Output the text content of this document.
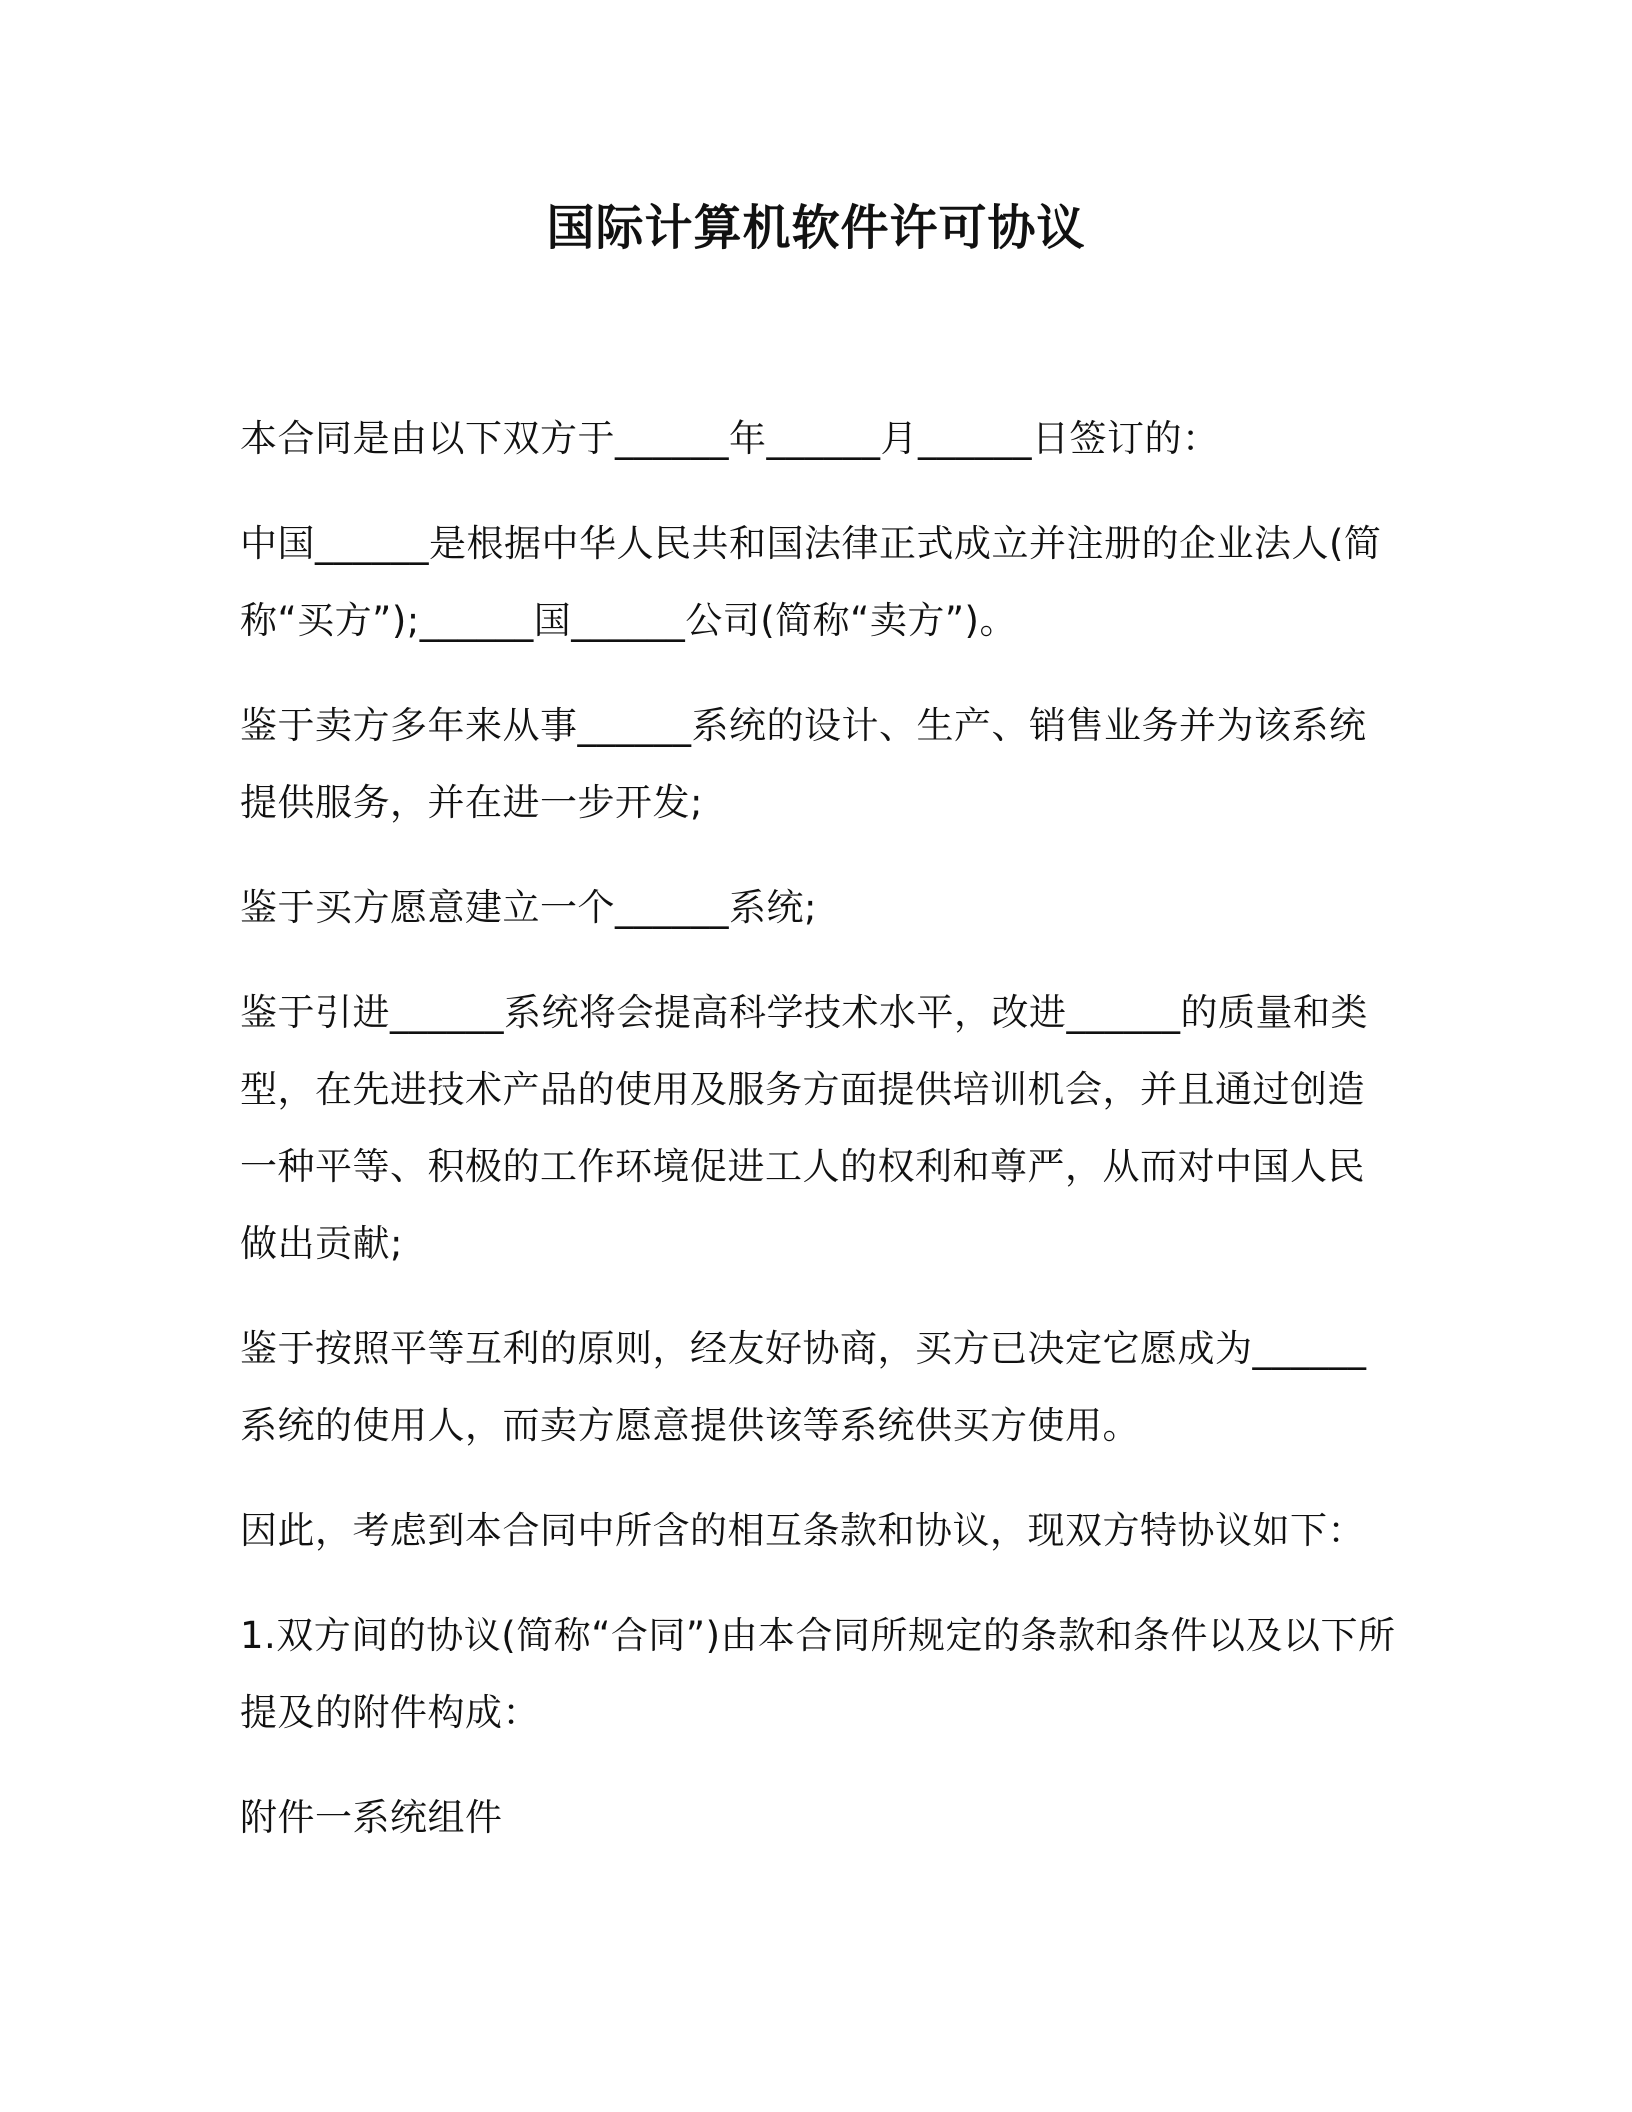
国际计算机软件许可协议

本合同是由以下双方于______年______月______日签订的：

中国______是根据中华人民共和国法律正式成立并注册的企业法人(简称“买方”);______国______公司(简称“卖方”)。

鉴于卖方多年来从事______系统的设计、生产、销售业务并为该系统提供服务，并在进一步开发;

鉴于买方愿意建立一个______系统;

鉴于引进______系统将会提高科学技术水平，改进______的质量和类型，在先进技术产品的使用及服务方面提供培训机会，并且通过创造一种平等、积极的工作环境促进工人的权利和尊严，从而对中国人民做出贡献;

鉴于按照平等互利的原则，经友好协商，买方已决定它愿成为______系统的使用人，而卖方愿意提供该等系统供买方使用。

因此，考虑到本合同中所含的相互条款和协议，现双方特协议如下：

1.双方间的协议(简称“合同”)由本合同所规定的条款和条件以及以下所提及的附件构成：

附件一系统组件
